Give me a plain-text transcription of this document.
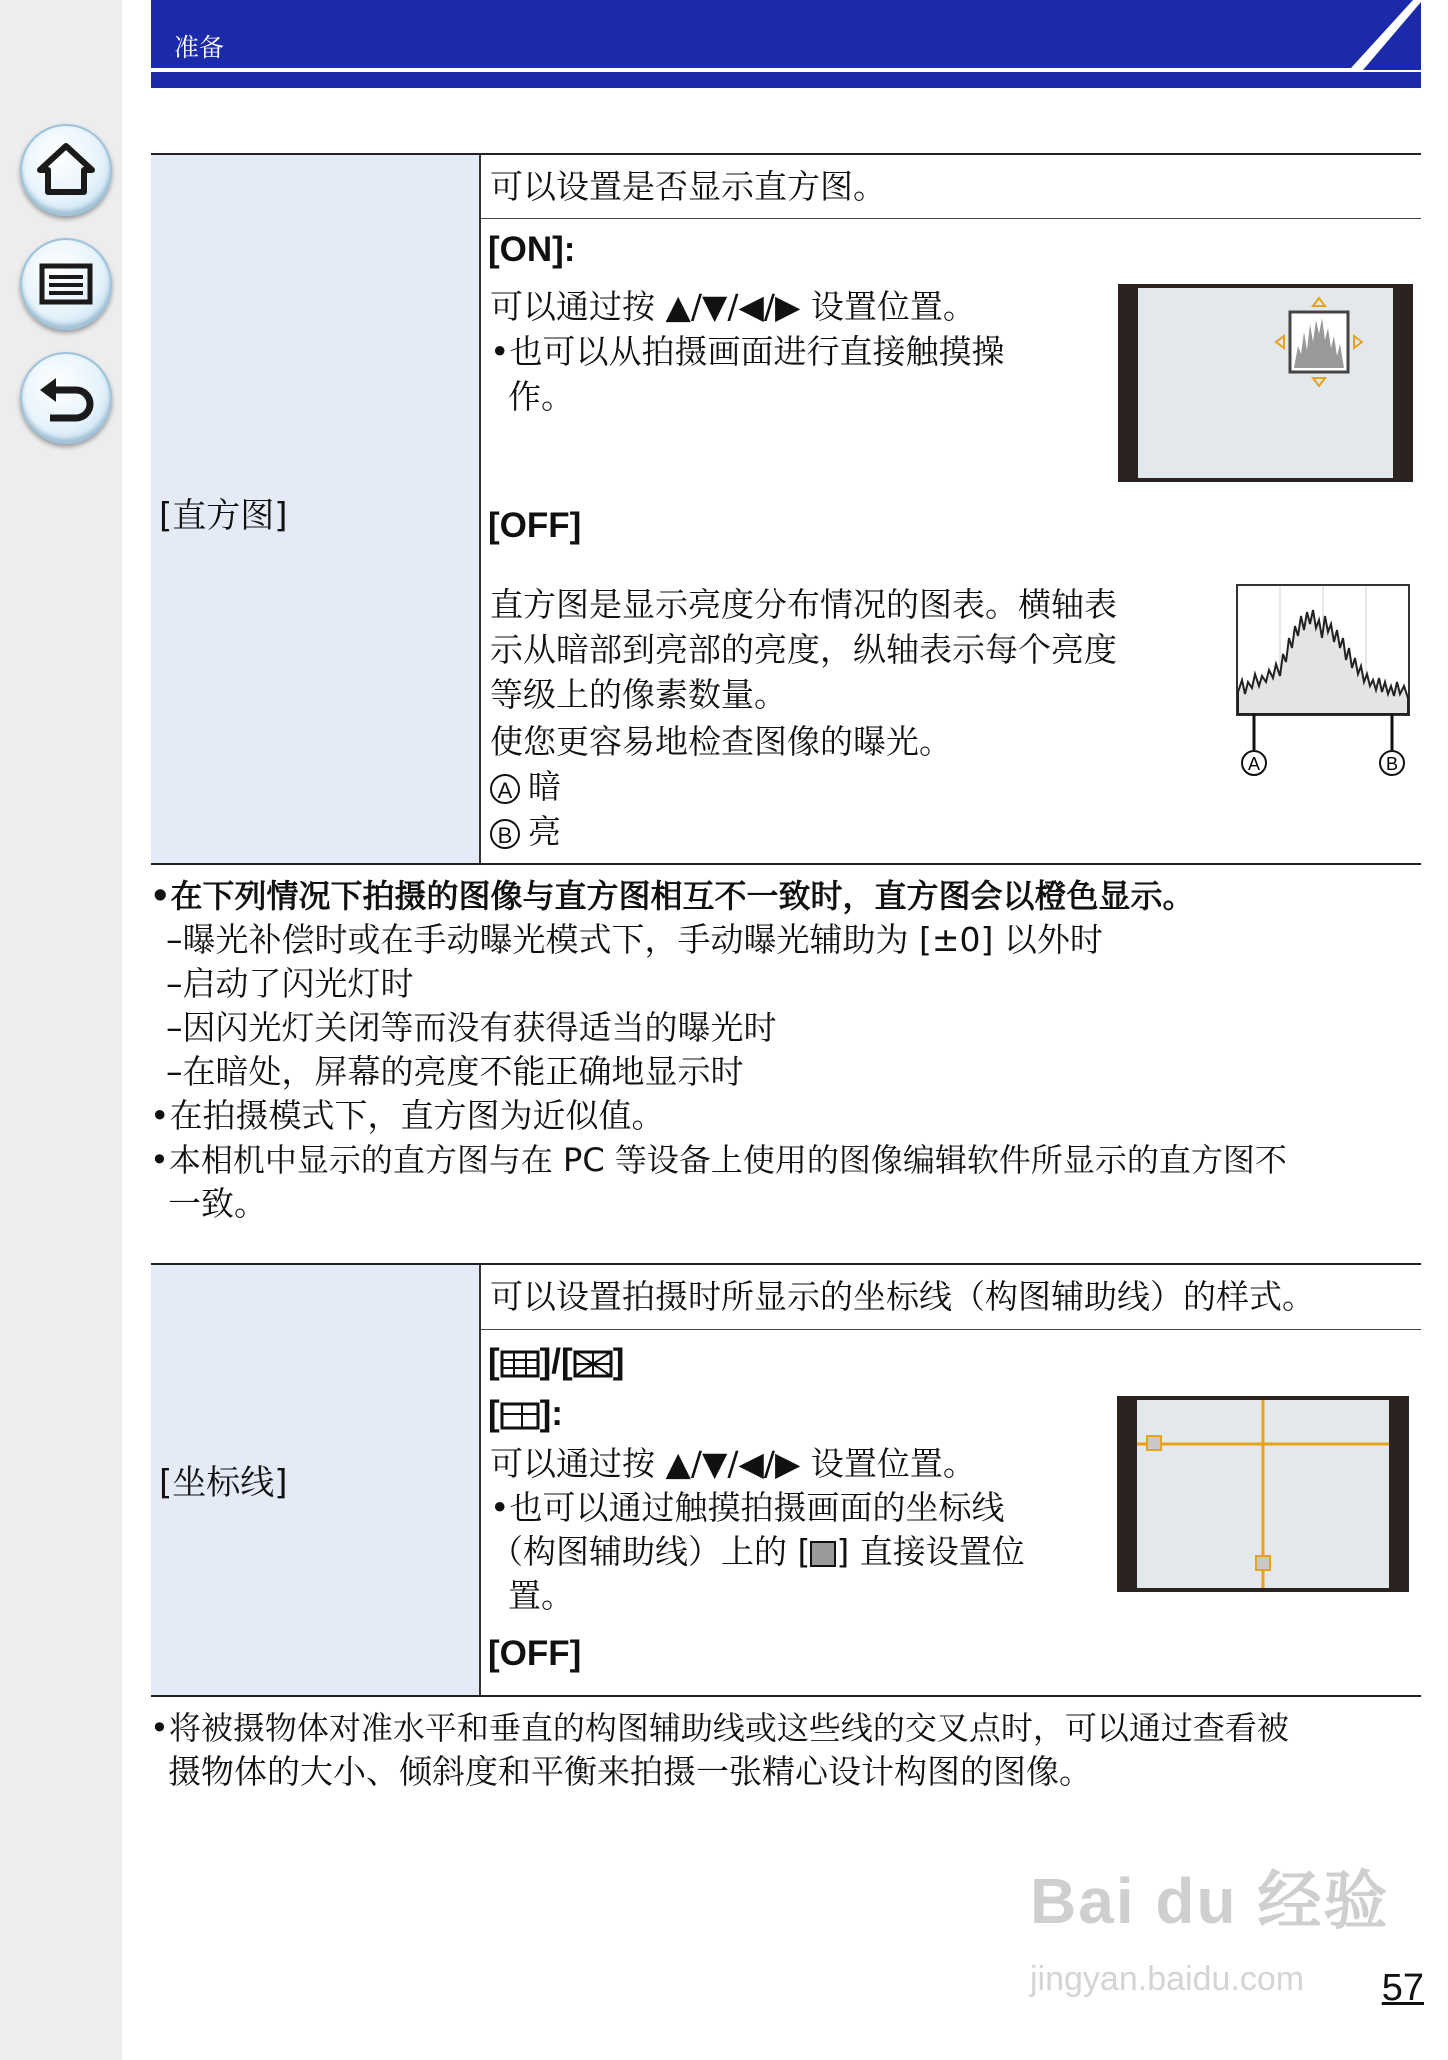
准备
[直方图]
可以设置是否显示直方图。
[ON]:
可以通过按 ▲/▼/◀/▶ 设置位置。
•也可以从拍摄画面进行直接触摸操
作。
[OFF]
直方图是显示亮度分布情况的图表。横轴表
示从暗部到亮部的亮度，纵轴表示每个亮度
等级上的像素数量。
使您更容易地检查图像的曝光。
A 暗
B 亮
A	B
•在下列情况下拍摄的图像与直方图相互不一致时，直方图会以橙色显示。
–曝光补偿时或在手动曝光模式下，手动曝光辅助为 [±0] 以外时
–启动了闪光灯时
–因闪光灯关闭等而没有获得适当的曝光时
–在暗处，屏幕的亮度不能正确地显示时
•在拍摄模式下，直方图为近似值。
•本相机中显示的直方图与在 PC 等设备上使用的图像编辑软件所显示的直方图不
一致。
[坐标线]
可以设置拍摄时所显示的坐标线（构图辅助线）的样式。
[ ]/[ ]
[ ]:
可以通过按 ▲/▼/◀/▶ 设置位置。
•也可以通过触摸拍摄画面的坐标线
（构图辅助线）上的 [ ] 直接设置位
置。
[OFF]
•将被摄物体对准水平和垂直的构图辅助线或这些线的交叉点时，可以通过查看被
摄物体的大小、倾斜度和平衡来拍摄一张精心设计构图的图像。
Bai du 经验
jingyan.baidu.com 57
